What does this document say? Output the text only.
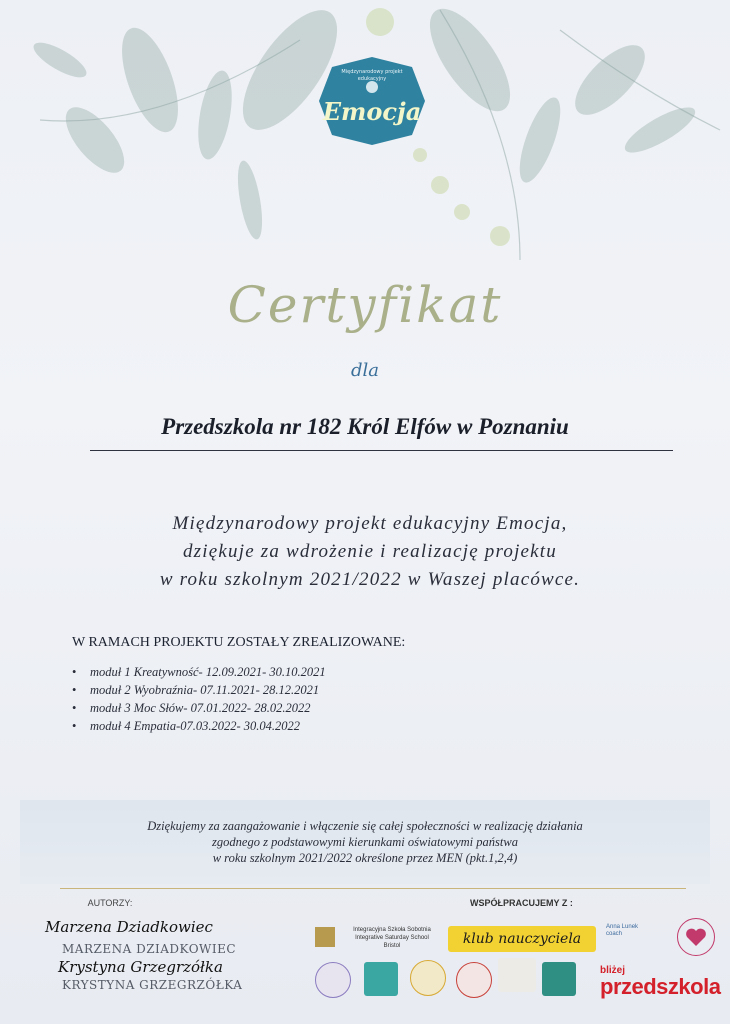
Międzynarodowy projekt edukacyjny
Emocja
Certyfikat
dla
Przedszkola nr 182 Król Elfów w Poznaniu
Międzynarodowy projekt edukacyjny Emocja,
dziękuje za wdrożenie i realizację projektu
w roku szkolnym 2021/2022 w Waszej placówce.
W RAMACH PROJEKTU ZOSTAŁY ZREALIZOWANE:
• moduł 1 Kreatywność- 12.09.2021- 30.10.2021
• moduł 2 Wyobraźnia- 07.11.2021- 28.12.2021
• moduł 3 Moc Słów- 07.01.2022- 28.02.2022
• moduł 4 Empatia-07.03.2022- 30.04.2022
Dziękujemy za zaangażowanie i włączenie się całej społeczności w realizację działania
zgodnego z podstawowymi kierunkami oświatowymi państwa
w roku szkolnym 2021/2022 określone przez MEN (pkt.1,2,4)
AUTORZY:
Marzena Dziadkowiec
MARZENA DZIADKOWIEC
Krystyna Grzegrzółka
KRYSTYNA GRZEGRZÓŁKA
WSPÓŁPRACUJEMY Z :
Integracyjna Szkoła Sobotnia
Integrative Saturday School
Bristol	klub nauczyciela
Anna Lunek
coach
bliżej
przedszkola
